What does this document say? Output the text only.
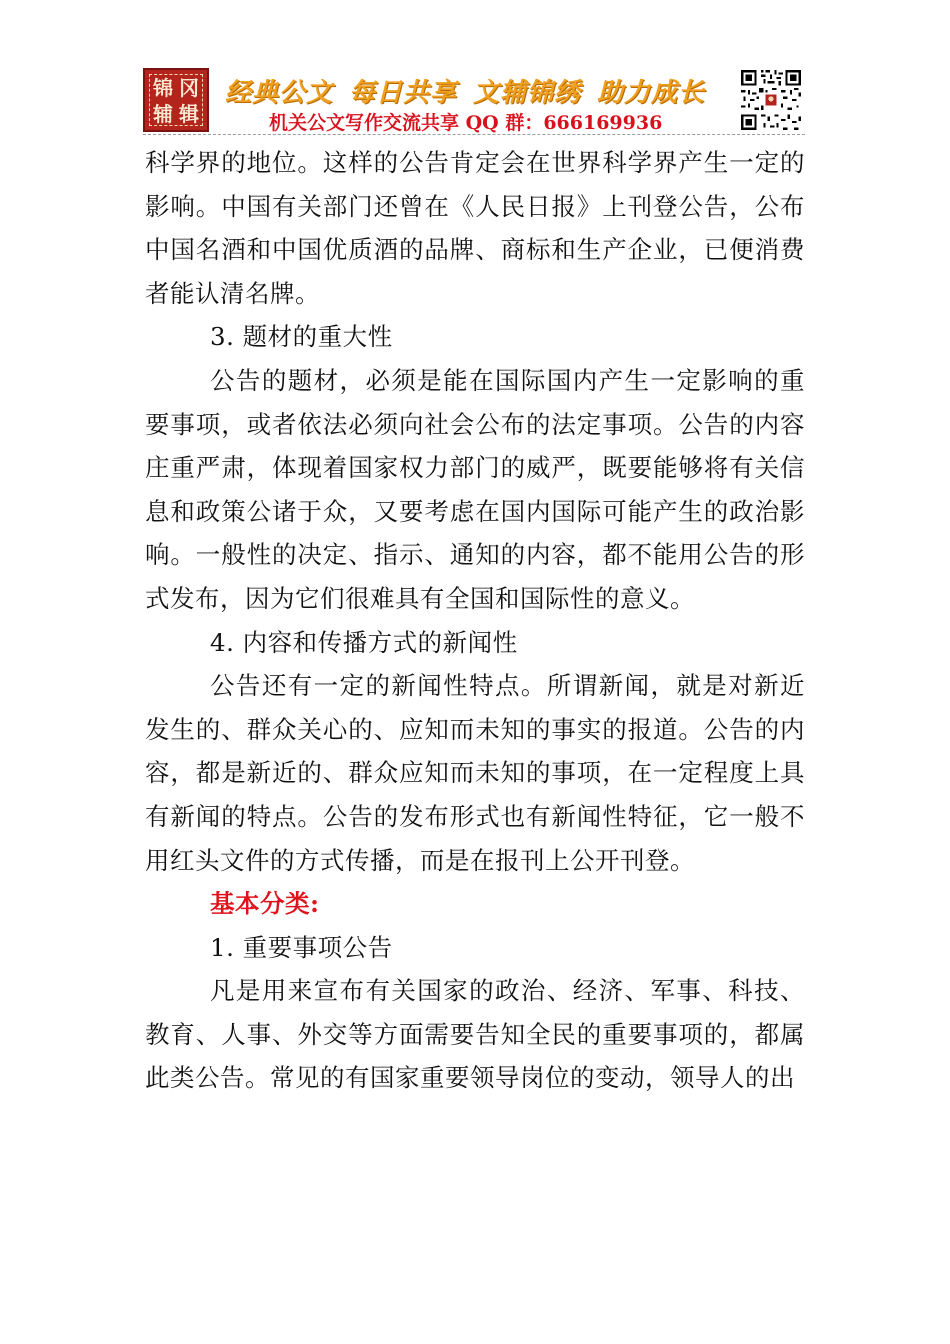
锦 冈
辅 辑
经典公文 每日共享 文辅锦绣 助力成长
机关公文写作交流共享 QQ 群：666169936

科学界的地位。这样的公告肯定会在世界科学界产生一定的影响。中国有关部门还曾在《人民日报》上刊登公告，公布中国名酒和中国优质酒的品牌、商标和生产企业，已便消费者能认清名牌。

3. 题材的重大性

公告的题材，必须是能在国际国内产生一定影响的重要事项，或者依法必须向社会公布的法定事项。公告的内容庄重严肃，体现着国家权力部门的威严，既要能够将有关信息和政策公诸于众，又要考虑在国内国际可能产生的政治影响。一般性的决定、指示、通知的内容，都不能用公告的形式发布，因为它们很难具有全国和国际性的意义。

4. 内容和传播方式的新闻性

公告还有一定的新闻性特点。所谓新闻，就是对新近发生的、群众关心的、应知而未知的事实的报道。公告的内容，都是新近的、群众应知而未知的事项，在一定程度上具有新闻的特点。公告的发布形式也有新闻性特征，它一般不用红头文件的方式传播，而是在报刊上公开刊登。

基本分类:

1. 重要事项公告

凡是用来宣布有关国家的政治、经济、军事、科技、教育、人事、外交等方面需要告知全民的重要事项的，都属此类公告。常见的有国家重要领导岗位的变动，领导人的出
